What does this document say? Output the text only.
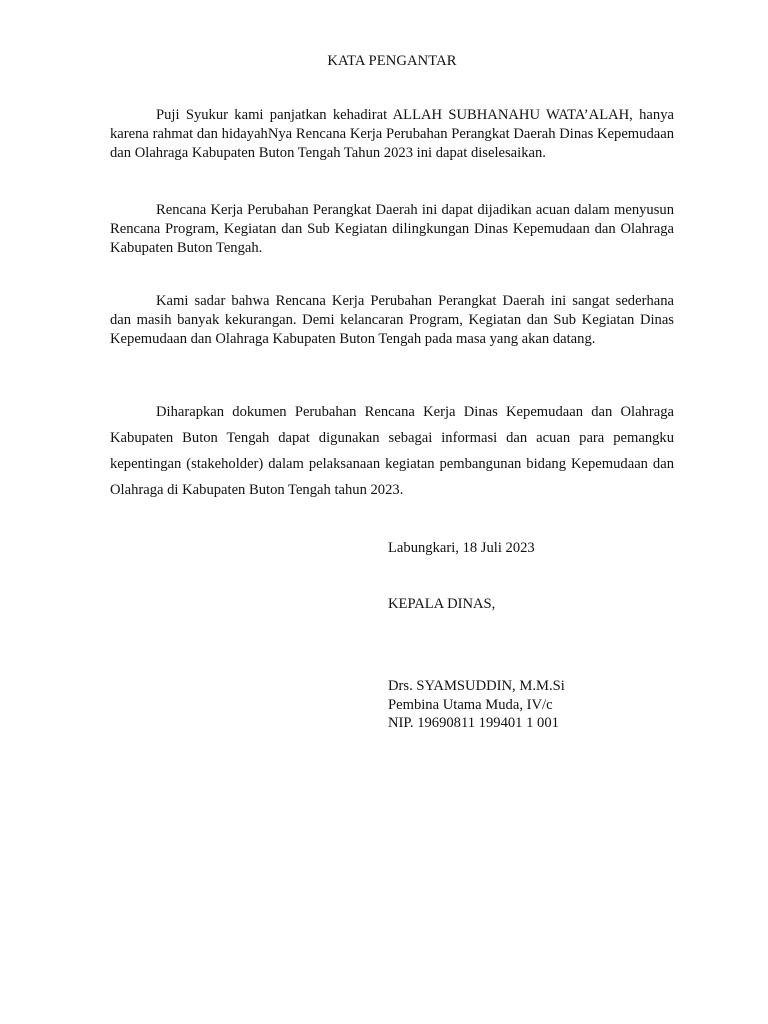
KATA PENGANTAR

Puji Syukur kami panjatkan kehadirat ALLAH SUBHANAHU WATA’ALAH, hanya karena rahmat dan hidayahNya Rencana Kerja Perubahan Perangkat Daerah Dinas Kepemudaan dan Olahraga Kabupaten Buton Tengah Tahun 2023 ini dapat diselesaikan.

Rencana Kerja Perubahan Perangkat Daerah ini dapat dijadikan acuan dalam menyusun Rencana Program, Kegiatan dan Sub Kegiatan dilingkungan Dinas Kepemudaan dan Olahraga Kabupaten Buton Tengah.

Kami sadar bahwa Rencana Kerja Perubahan Perangkat Daerah ini sangat sederhana dan masih banyak kekurangan. Demi kelancaran Program, Kegiatan dan Sub Kegiatan Dinas Kepemudaan dan Olahraga Kabupaten Buton Tengah pada masa yang akan datang.

Diharapkan dokumen Perubahan Rencana Kerja Dinas Kepemudaan dan Olahraga Kabupaten Buton Tengah dapat digunakan sebagai informasi dan acuan para pemangku kepentingan (stakeholder) dalam pelaksanaan kegiatan pembangunan bidang Kepemudaan dan Olahraga di Kabupaten Buton Tengah tahun 2023.

Labungkari, 18 Juli 2023

KEPALA DINAS,

Drs. SYAMSUDDIN, M.M.Si

Pembina Utama Muda, IV/c

NIP. 19690811 199401 1 001
